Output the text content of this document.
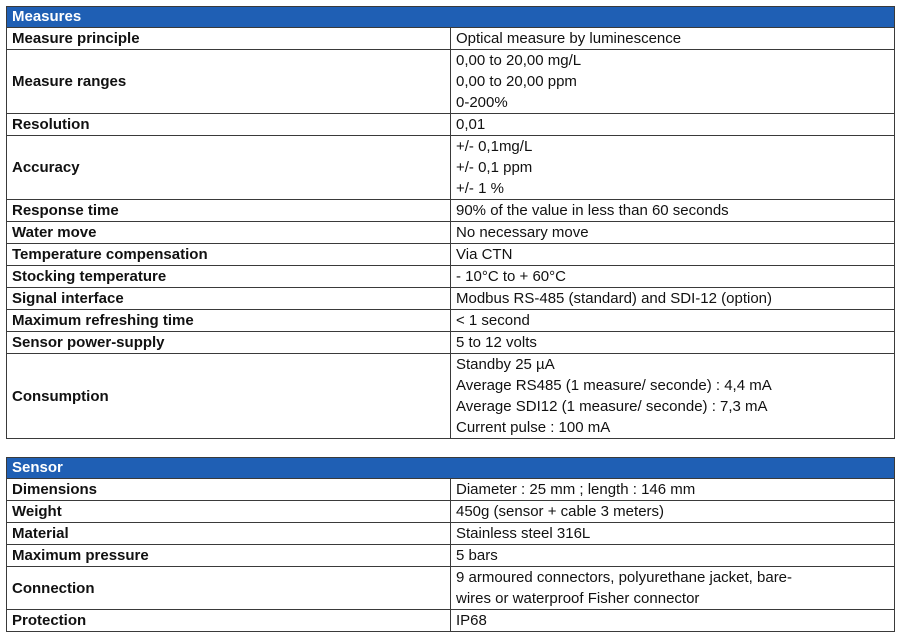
Measures	
Measure principle	Optical measure by luminescence

Measure ranges	0,00 to 20,00 mg/L
0,00 to 20,00 ppm
0-200%

Resolution	0,01

Accuracy	+/- 0,1mg/L
+/- 0,1 ppm
+/- 1 %

Response time	90% of the value in less than 60 seconds

Water move	No necessary move

Temperature compensation	Via CTN

Stocking temperature	- 10°C to + 60°C

Signal interface	Modbus RS-485 (standard) and SDI-12 (option)

Maximum refreshing time	< 1 second

Sensor power-supply	5 to 12 volts

Consumption	Standby 25 µA
Average RS485 (1 measure/ seconde) : 4,4 mA
Average SDI12 (1 measure/ seconde) : 7,3 mA
Current pulse : 100 mA
Sensor	
Dimensions	Diameter : 25 mm ; length : 146 mm

Weight	450g (sensor + cable 3 meters)

Material	Stainless steel 316L

Maximum pressure	5 bars

Connection	9 armoured connectors, polyurethane jacket, bare-
wires or waterproof Fisher connector

Protection	IP68
